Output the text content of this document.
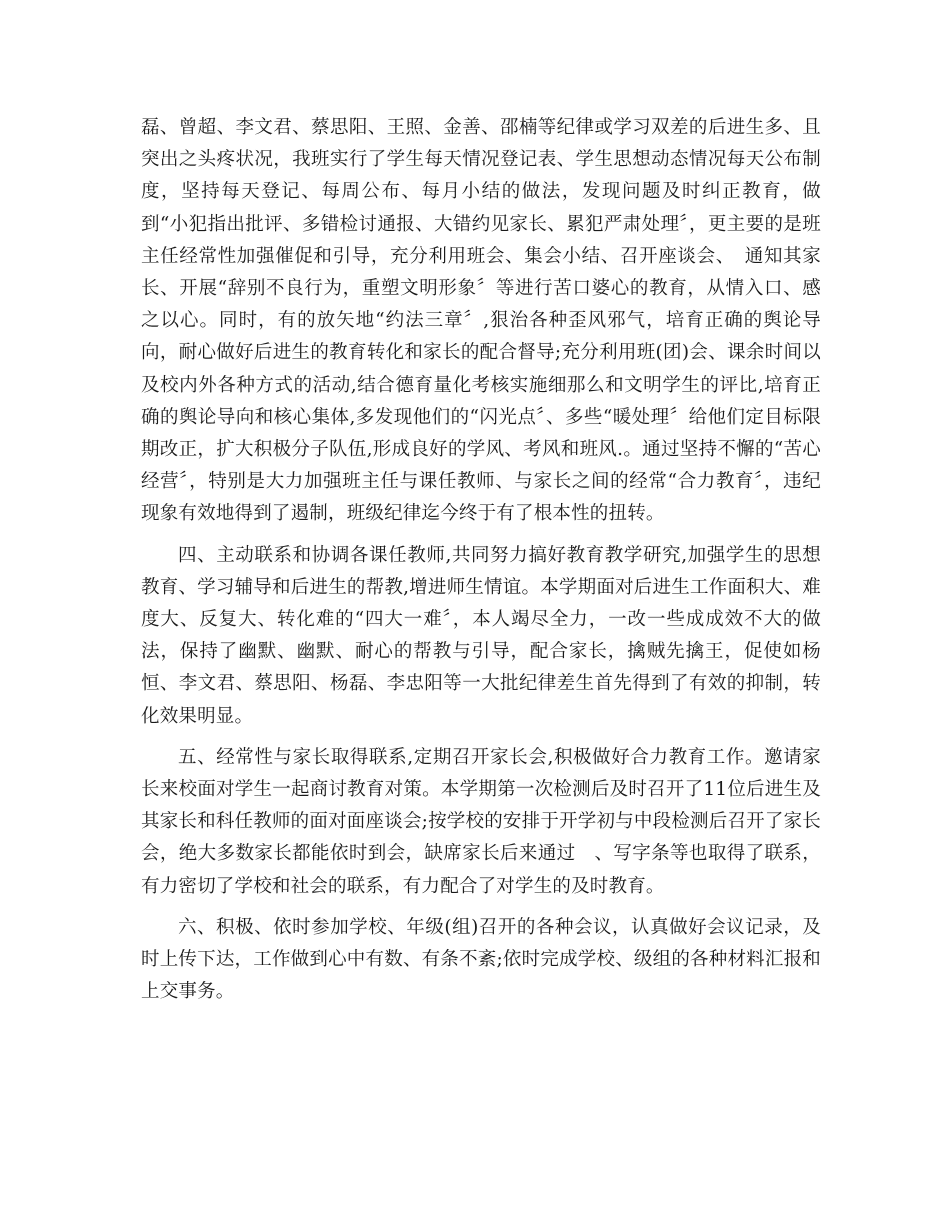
磊、曾超、李文君、蔡思阳、王照、金善、邵楠等纪律或学习双差的后进生多、且突出之头疼状况，我班实行了学生每天情况登记表、学生思想动态情况每天公布制度，坚持每天登记、每周公布、每月小结的做法，发现问题及时纠正教育，做到“小犯指出批评、多错检讨通报、大错约见家长、累犯严肃处理〞，更主要的是班主任经常性加强催促和引导，充分利用班会、集会小结、召开座谈会、　通知其家长、开展“辞别不良行为，重塑文明形象〞等进行苦口婆心的教育，从情入口、感之以心。同时，有的放矢地“约法三章〞,狠治各种歪风邪气，培育正确的舆论导向，耐心做好后进生的教育转化和家长的配合督导;充分利用班(团)会、课余时间以及校内外各种方式的活动,结合德育量化考核实施细那么和文明学生的评比,培育正确的舆论导向和核心集体,多发现他们的“闪光点〞、多些“暖处理〞给他们定目标限期改正，扩大积极分子队伍,形成良好的学风、考风和班风.。通过坚持不懈的“苦心经营〞，特别是大力加强班主任与课任教师、与家长之间的经常“合力教育〞，违纪现象有效地得到了遏制，班级纪律迄今终于有了根本性的扭转。

四、主动联系和协调各课任教师,共同努力搞好教育教学研究,加强学生的思想教育、学习辅导和后进生的帮教,增进师生情谊。本学期面对后进生工作面积大、难度大、反复大、转化难的“四大一难〞，本人竭尽全力，一改一些成成效不大的做法，保持了幽默、幽默、耐心的帮教与引导，配合家长，擒贼先擒王，促使如杨恒、李文君、蔡思阳、杨磊、李忠阳等一大批纪律差生首先得到了有效的抑制，转化效果明显。

五、经常性与家长取得联系,定期召开家长会,积极做好合力教育工作。邀请家长来校面对学生一起商讨教育对策。本学期第一次检测后及时召开了11位后进生及其家长和科任教师的面对面座谈会;按学校的安排于开学初与中段检测后召开了家长会，绝大多数家长都能依时到会，缺席家长后来通过　、写字条等也取得了联系，有力密切了学校和社会的联系，有力配合了对学生的及时教育。

六、积极、依时参加学校、年级(组)召开的各种会议，认真做好会议记录，及时上传下达，工作做到心中有数、有条不紊;依时完成学校、级组的各种材料汇报和上交事务。
